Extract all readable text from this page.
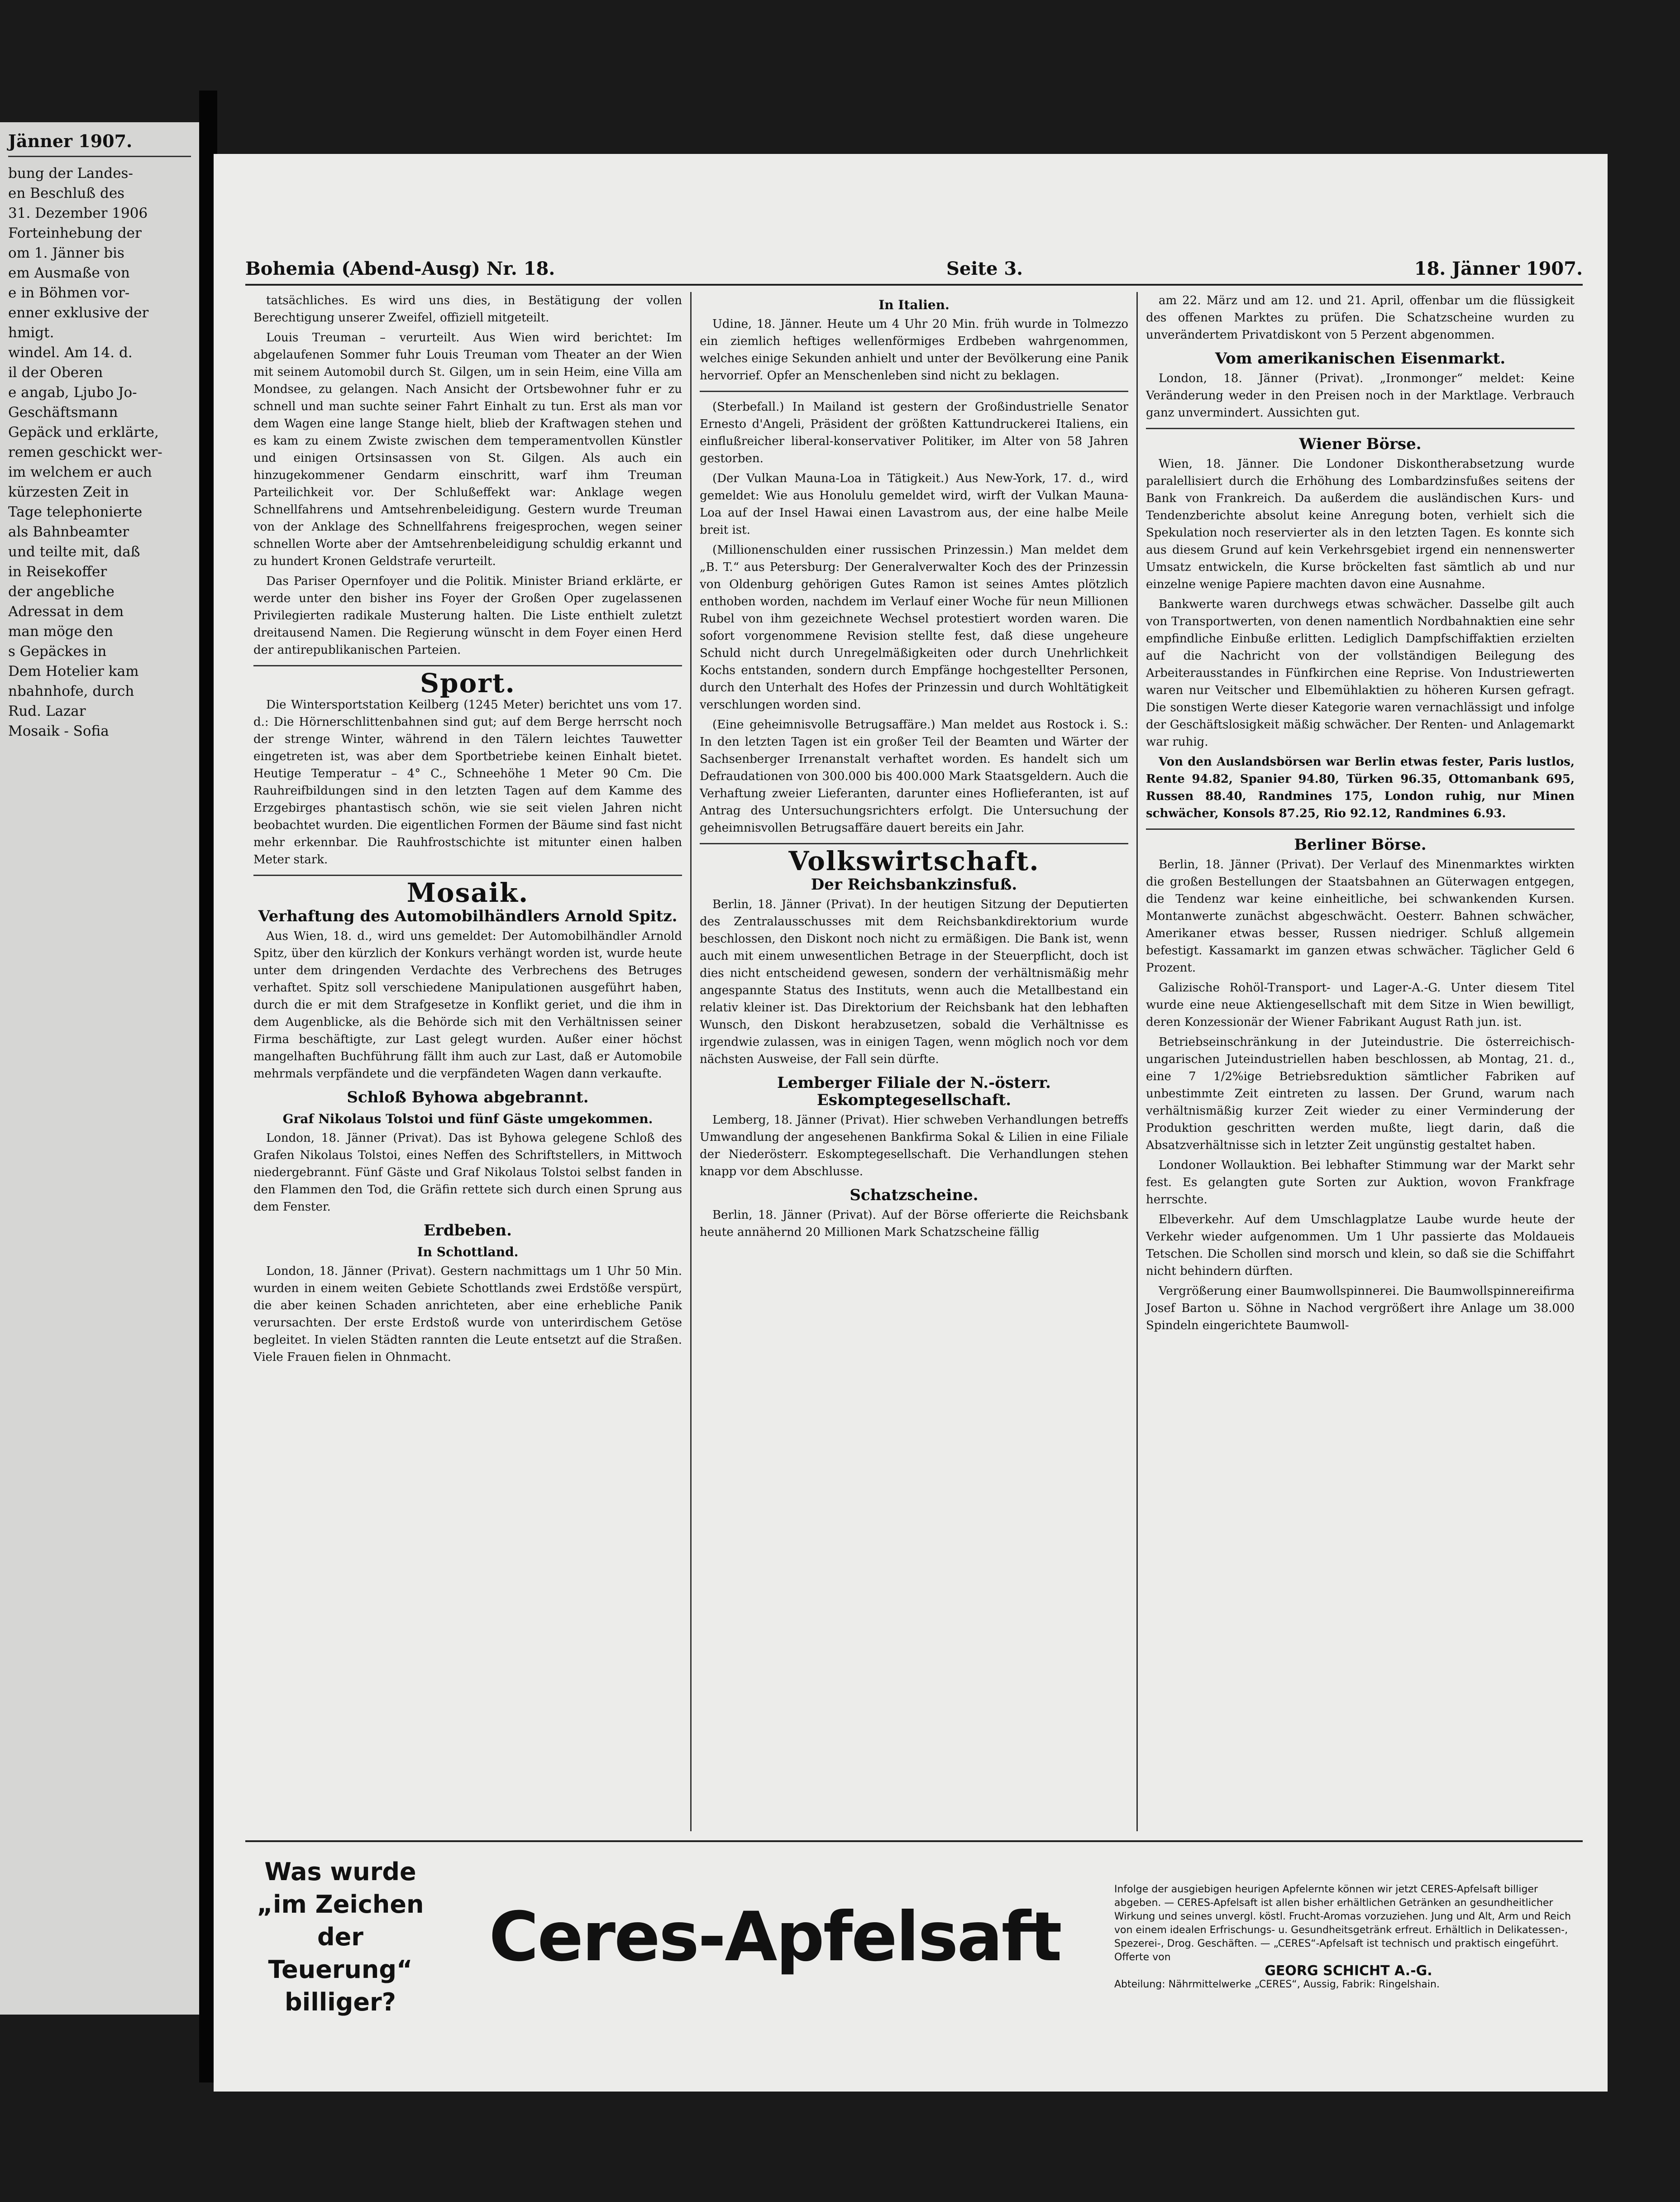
Jänner 1907.

bung der Landes-

en Beschluß des

31. Dezember 1906

Forteinhebung der

om 1. Jänner bis

em Ausmaße von

e in Böhmen vor-

enner exklusive der

hmigt.

windel. Am 14. d.

il der Oberen

e angab, Ljubo Jo-

Geschäftsmann

Gepäck und erklärte,

remen geschickt wer-

im welchem er auch

kürzesten Zeit in

Tage telephonierte

als Bahnbeamter

und teilte mit, daß

in Reisekoffer

der angebliche

Adressat in dem

man möge den

s Gepäckes in

Dem Hotelier kam

nbahnhofe, durch

Rud. Lazar

Mosaik - Sofia

Bohemia (Abend-Ausg) Nr. 18.	Seite 3.	18. Jänner 1907.

tatsächliches. Es wird uns dies, in Bestätigung der vollen Berechtigung unserer Zweifel, offiziell mitgeteilt.

Louis Treuman – verurteilt. Aus Wien wird berichtet: Im abgelaufenen Sommer fuhr Louis Treuman vom Theater an der Wien mit seinem Automobil durch St. Gilgen, um in sein Heim, eine Villa am Mondsee, zu gelangen. Nach Ansicht der Ortsbewohner fuhr er zu schnell und man suchte seiner Fahrt Einhalt zu tun. Erst als man vor dem Wagen eine lange Stange hielt, blieb der Kraftwagen stehen und es kam zu einem Zwiste zwischen dem temperamentvollen Künstler und einigen Ortsinsassen von St. Gilgen. Als auch ein hinzugekommener Gendarm einschritt, warf ihm Treuman Parteilichkeit vor. Der Schlußeffekt war: Anklage wegen Schnellfahrens und Amtsehrenbeleidigung. Gestern wurde Treuman von der Anklage des Schnellfahrens freigesprochen, wegen seiner schnellen Worte aber der Amtsehrenbeleidigung schuldig erkannt und zu hundert Kronen Geldstrafe verurteilt.

Das Pariser Opernfoyer und die Politik. Minister Briand erklärte, er werde unter den bisher ins Foyer der Großen Oper zugelassenen Privilegierten radikale Musterung halten. Die Liste enthielt zuletzt dreitausend Namen. Die Regierung wünscht in dem Foyer einen Herd der antirepublikanischen Parteien.

Sport.

Die Wintersportstation Keilberg (1245 Meter) berichtet uns vom 17. d.: Die Hörnerschlittenbahnen sind gut; auf dem Berge herrscht noch der strenge Winter, während in den Tälern leichtes Tauwetter eingetreten ist, was aber dem Sportbetriebe keinen Einhalt bietet. Heutige Temperatur – 4° C., Schneehöhe 1 Meter 90 Cm. Die Rauhreifbildungen sind in den letzten Tagen auf dem Kamme des Erzgebirges phantastisch schön, wie sie seit vielen Jahren nicht beobachtet wurden. Die eigentlichen Formen der Bäume sind fast nicht mehr erkennbar. Die Rauhfrostschichte ist mitunter einen halben Meter stark.

Mosaik.
Verhaftung des Automobilhändlers Arnold Spitz.

Aus Wien, 18. d., wird uns gemeldet: Der Automobilhändler Arnold Spitz, über den kürzlich der Konkurs verhängt worden ist, wurde heute unter dem dringenden Verdachte des Verbrechens des Betruges verhaftet. Spitz soll verschiedene Manipulationen ausgeführt haben, durch die er mit dem Strafgesetze in Konflikt geriet, und die ihm in dem Augenblicke, als die Behörde sich mit den Verhältnissen seiner Firma beschäftigte, zur Last gelegt wurden. Außer einer höchst mangelhaften Buchführung fällt ihm auch zur Last, daß er Automobile mehrmals verpfändete und die verpfändeten Wagen dann verkaufte.

Schloß Byhowa abgebrannt.
Graf Nikolaus Tolstoi und fünf Gäste umgekommen.

London, 18. Jänner (Privat). Das ist Byhowa gelegene Schloß des Grafen Nikolaus Tolstoi, eines Neffen des Schriftstellers, in Mittwoch niedergebrannt. Fünf Gäste und Graf Nikolaus Tolstoi selbst fanden in den Flammen den Tod, die Gräfin rettete sich durch einen Sprung aus dem Fenster.

Erdbeben.
In Schottland.

London, 18. Jänner (Privat). Gestern nachmittags um 1 Uhr 50 Min. wurden in einem weiten Gebiete Schottlands zwei Erdstöße verspürt, die aber keinen Schaden anrichteten, aber eine erhebliche Panik verursachten. Der erste Erdstoß wurde von unterirdischem Getöse begleitet. In vielen Städten rannten die Leute entsetzt auf die Straßen. Viele Frauen fielen in Ohnmacht.

In Italien.

Udine, 18. Jänner. Heute um 4 Uhr 20 Min. früh wurde in Tolmezzo ein ziemlich heftiges wellenförmiges Erdbeben wahrgenommen, welches einige Sekunden anhielt und unter der Bevölkerung eine Panik hervorrief. Opfer an Menschenleben sind nicht zu beklagen.

(Sterbefall.) In Mailand ist gestern der Großindustrielle Senator Ernesto d'Angeli, Präsident der größten Kattundruckerei Italiens, ein einflußreicher liberal-konservativer Politiker, im Alter von 58 Jahren gestorben.

(Der Vulkan Mauna-Loa in Tätigkeit.) Aus New-York, 17. d., wird gemeldet: Wie aus Honolulu gemeldet wird, wirft der Vulkan Mauna-Loa auf der Insel Hawai einen Lavastrom aus, der eine halbe Meile breit ist.

(Millionenschulden einer russischen Prinzessin.) Man meldet dem „B. T.“ aus Petersburg: Der Generalverwalter Koch des der Prinzessin von Oldenburg gehörigen Gutes Ramon ist seines Amtes plötzlich enthoben worden, nachdem im Verlauf einer Woche für neun Millionen Rubel von ihm gezeichnete Wechsel protestiert worden waren. Die sofort vorgenommene Revision stellte fest, daß diese ungeheure Schuld nicht durch Unregelmäßigkeiten oder durch Unehrlichkeit Kochs entstanden, sondern durch Empfänge hochgestellter Personen, durch den Unterhalt des Hofes der Prinzessin und durch Wohltätigkeit verschlungen worden sind.

(Eine geheimnisvolle Betrugsaffäre.) Man meldet aus Rostock i. S.: In den letzten Tagen ist ein großer Teil der Beamten und Wärter der Sachsenberger Irrenanstalt verhaftet worden. Es handelt sich um Defraudationen von 300.000 bis 400.000 Mark Staatsgeldern. Auch die Verhaftung zweier Lieferanten, darunter eines Hoflieferanten, ist auf Antrag des Untersuchungsrichters erfolgt. Die Untersuchung der geheimnisvollen Betrugsaffäre dauert bereits ein Jahr.

Volkswirtschaft.
Der Reichsbankzinsfuß.

Berlin, 18. Jänner (Privat). In der heutigen Sitzung der Deputierten des Zentralausschusses mit dem Reichsbankdirektorium wurde beschlossen, den Diskont noch nicht zu ermäßigen. Die Bank ist, wenn auch mit einem unwesentlichen Betrage in der Steuerpflicht, doch ist dies nicht entscheidend gewesen, sondern der verhältnismäßig mehr angespannte Status des Instituts, wenn auch die Metallbestand ein relativ kleiner ist. Das Direktorium der Reichsbank hat den lebhaften Wunsch, den Diskont herabzusetzen, sobald die Verhältnisse es irgendwie zulassen, was in einigen Tagen, wenn möglich noch vor dem nächsten Ausweise, der Fall sein dürfte.

Lemberger Filiale der N.-österr. Eskomptegesellschaft.

Lemberg, 18. Jänner (Privat). Hier schweben Verhandlungen betreffs Umwandlung der angesehenen Bankfirma Sokal & Lilien in eine Filiale der Niederösterr. Eskomptegesellschaft. Die Verhandlungen stehen knapp vor dem Abschlusse.

Schatzscheine.

Berlin, 18. Jänner (Privat). Auf der Börse offerierte die Reichsbank heute annähernd 20 Millionen Mark Schatzscheine fällig

am 22. März und am 12. und 21. April, offenbar um die flüssigkeit des offenen Marktes zu prüfen. Die Schatzscheine wurden zu unverändertem Privatdiskont von 5 Perzent abgenommen.

Vom amerikanischen Eisenmarkt.

London, 18. Jänner (Privat). „Ironmonger“ meldet: Keine Veränderung weder in den Preisen noch in der Marktlage. Verbrauch ganz unvermindert. Aussichten gut.

Wiener Börse.

Wien, 18. Jänner. Die Londoner Diskontherabsetzung wurde paralellisiert durch die Erhöhung des Lombardzinsfußes seitens der Bank von Frankreich. Da außerdem die ausländischen Kurs- und Tendenzberichte absolut keine Anregung boten, verhielt sich die Spekulation noch reservierter als in den letzten Tagen. Es konnte sich aus diesem Grund auf kein Verkehrsgebiet irgend ein nennenswerter Umsatz entwickeln, die Kurse bröckelten fast sämtlich ab und nur einzelne wenige Papiere machten davon eine Ausnahme.

Bankwerte waren durchwegs etwas schwächer. Dasselbe gilt auch von Transportwerten, von denen namentlich Nordbahnaktien eine sehr empfindliche Einbuße erlitten. Lediglich Dampfschiffaktien erzielten auf die Nachricht von der vollständigen Beilegung des Arbeiterausstandes in Fünfkirchen eine Reprise. Von Industriewerten waren nur Veitscher und Elbemühlaktien zu höheren Kursen gefragt. Die sonstigen Werte dieser Kategorie waren vernachlässigt und infolge der Geschäftslosigkeit mäßig schwächer. Der Renten- und Anlagemarkt war ruhig.

Von den Auslandsbörsen war Berlin etwas fester, Paris lustlos, Rente 94.82, Spanier 94.80, Türken 96.35, Ottomanbank 695, Russen 88.40, Randmines 175, London ruhig, nur Minen schwächer, Konsols 87.25, Rio 92.12, Randmines 6.93.

Berliner Börse.

Berlin, 18. Jänner (Privat). Der Verlauf des Minenmarktes wirkten die großen Bestellungen der Staatsbahnen an Güterwagen entgegen, die Tendenz war keine einheitliche, bei schwankenden Kursen. Montanwerte zunächst abgeschwächt. Oesterr. Bahnen schwächer, Amerikaner etwas besser, Russen niedriger. Schluß allgemein befestigt. Kassamarkt im ganzen etwas schwächer. Täglicher Geld 6 Prozent.

Galizische Rohöl-Transport- und Lager-A.-G. Unter diesem Titel wurde eine neue Aktiengesellschaft mit dem Sitze in Wien bewilligt, deren Konzessionär der Wiener Fabrikant August Rath jun. ist.

Betriebseinschränkung in der Juteindustrie. Die österreichisch-ungarischen Juteindustriellen haben beschlossen, ab Montag, 21. d., eine 7 1/2%ige Betriebsreduktion sämtlicher Fabriken auf unbestimmte Zeit eintreten zu lassen. Der Grund, warum nach verhältnismäßig kurzer Zeit wieder zu einer Verminderung der Produktion geschritten werden mußte, liegt darin, daß die Absatzverhältnisse sich in letzter Zeit ungünstig gestaltet haben.

Londoner Wollauktion. Bei lebhafter Stimmung war der Markt sehr fest. Es gelangten gute Sorten zur Auktion, wovon Frankfrage herrschte.

Elbeverkehr. Auf dem Umschlagplatze Laube wurde heute der Verkehr wieder aufgenommen. Um 1 Uhr passierte das Moldaueis Tetschen. Die Schollen sind morsch und klein, so daß sie die Schiffahrt nicht behindern dürften.

Vergrößerung einer Baumwollspinnerei. Die Baumwollspinnereifirma Josef Barton u. Söhne in Nachod vergrößert ihre Anlage um 38.000 Spindeln eingerichtete Baumwoll-

Was wurde „im Zeichen der Teuerung“ billiger?
Ceres-Apfelsaft
Infolge der ausgiebigen heurigen Apfelernte können wir jetzt CERES-Apfelsaft billiger abgeben. — CERES-Apfelsaft ist allen bisher erhältlichen Getränken an gesundheitlicher Wirkung und seines unvergl. köstl. Frucht-Aromas vorzuziehen. Jung und Alt, Arm und Reich von einem idealen Erfrischungs- u. Gesundheitsgetränk erfreut. Erhältlich in Delikatessen-, Spezerei-, Drog. Geschäften. — „CERES“-Apfelsaft ist technisch und praktisch eingeführt. Offerte von
GEORG SCHICHT A.-G.
Abteilung: Nährmittelwerke „CERES“, Aussig, Fabrik: Ringelshain.
